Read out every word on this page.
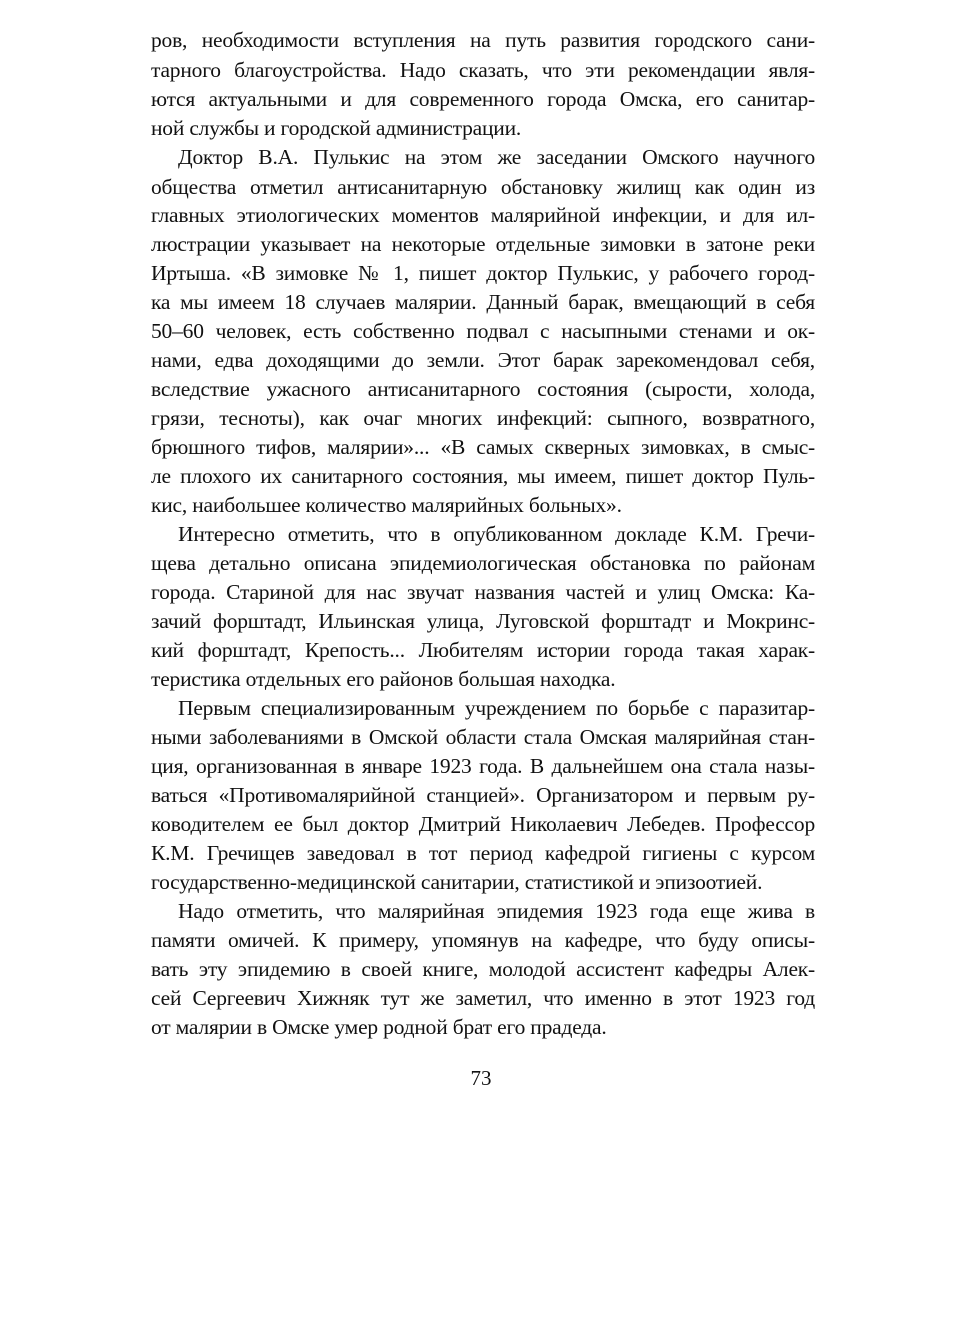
ров, необходимости вступления на путь развития городского сани-
тарного благоустройства. Надо сказать, что эти рекомендации явля-
ются актуальными и для современного города Омска, его санитар-
ной службы и городской администрации.
Доктор В.А. Пулькис на этом же заседании Омского научного
общества отметил антисанитарную обстановку жилищ как один из
главных этиологических моментов малярийной инфекции, и для ил-
люстрации указывает на некоторые отдельные зимовки в затоне реки
Иртыша. «В зимовке № 1, пишет доктор Пулькис, у рабочего город-
ка мы имеем 18 случаев малярии. Данный барак, вмещающий в себя
50–60 человек, есть собственно подвал с насыпными стенами и ок-
нами, едва доходящими до земли. Этот барак зарекомендовал себя,
вследствие ужасного антисанитарного состояния (сырости, холода,
грязи, тесноты), как очаг многих инфекций: сыпного, возвратного,
брюшного тифов, малярии»... «В самых скверных зимовках, в смыс-
ле плохого их санитарного состояния, мы имеем, пишет доктор Пуль-
кис, наибольшее количество малярийных больных».
Интересно отметить, что в опубликованном докладе К.М. Гречи-
щева детально описана эпидемиологическая обстановка по районам
города. Стариной для нас звучат названия частей и улиц Омска: Ка-
зачий форштадт, Ильинская улица, Луговской форштадт и Мокринс-
кий форштадт, Крепость... Любителям истории города такая харак-
теристика отдельных его районов большая находка.
Первым специализированным учреждением по борьбе с паразитар-
ными заболеваниями в Омской области стала Омская малярийная стан-
ция, организованная в январе 1923 года. В дальнейшем она стала назы-
ваться «Противомалярийной станцией». Организатором и первым ру-
ководителем ее был доктор Дмитрий Николаевич Лебедев. Профессор
К.М. Гречищев заведовал в тот период кафедрой гигиены с курсом
государственно-медицинской санитарии, статистикой и эпизоотией.
Надо отметить, что малярийная эпидемия 1923 года еще жива в
памяти омичей. К примеру, упомянув на кафедре, что буду описы-
вать эту эпидемию в своей книге, молодой ассистент кафедры Алек-
сей Сергеевич Хижняк тут же заметил, что именно в этот 1923 год
от малярии в Омске умер родной брат его прадеда.
73
